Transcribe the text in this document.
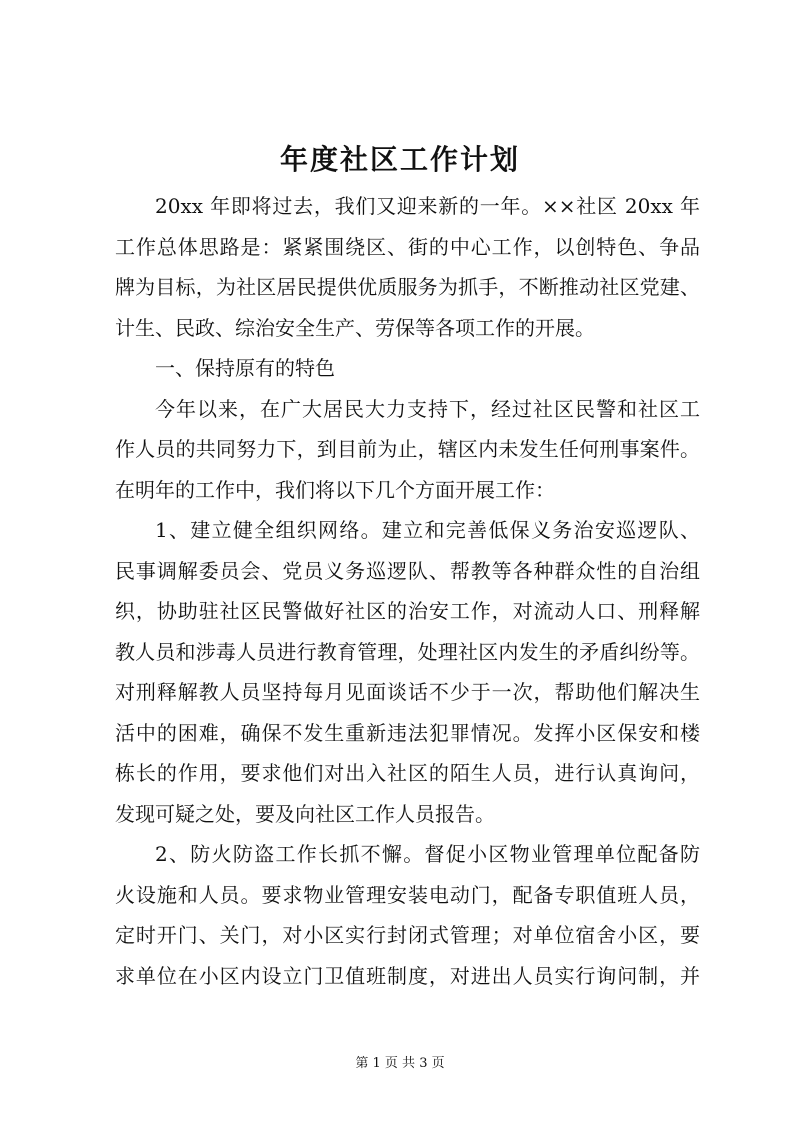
年度社区工作计划
20xx 年即将过去，我们又迎来新的一年。××社区 20xx 年
工作总体思路是：紧紧围绕区、街的中心工作，以创特色、争品
牌为目标，为社区居民提供优质服务为抓手，不断推动社区党建、
计生、民政、综治安全生产、劳保等各项工作的开展。
一、保持原有的特色
今年以来，在广大居民大力支持下，经过社区民警和社区工
作人员的共同努力下，到目前为止，辖区内未发生任何刑事案件。
在明年的工作中，我们将以下几个方面开展工作：
1、建立健全组织网络。建立和完善低保义务治安巡逻队、
民事调解委员会、党员义务巡逻队、帮教等各种群众性的自治组
织，协助驻社区民警做好社区的治安工作，对流动人口、刑释解
教人员和涉毒人员进行教育管理，处理社区内发生的矛盾纠纷等。
对刑释解教人员坚持每月见面谈话不少于一次，帮助他们解决生
活中的困难，确保不发生重新违法犯罪情况。发挥小区保安和楼
栋长的作用，要求他们对出入社区的陌生人员，进行认真询问，
发现可疑之处，要及向社区工作人员报告。
2、防火防盗工作长抓不懈。督促小区物业管理单位配备防
火设施和人员。要求物业管理安装电动门，配备专职值班人员，
定时开门、关门，对小区实行封闭式管理；对单位宿舍小区，要
求单位在小区内设立门卫值班制度，对进出人员实行询问制，并
第 1 页 共 3 页
